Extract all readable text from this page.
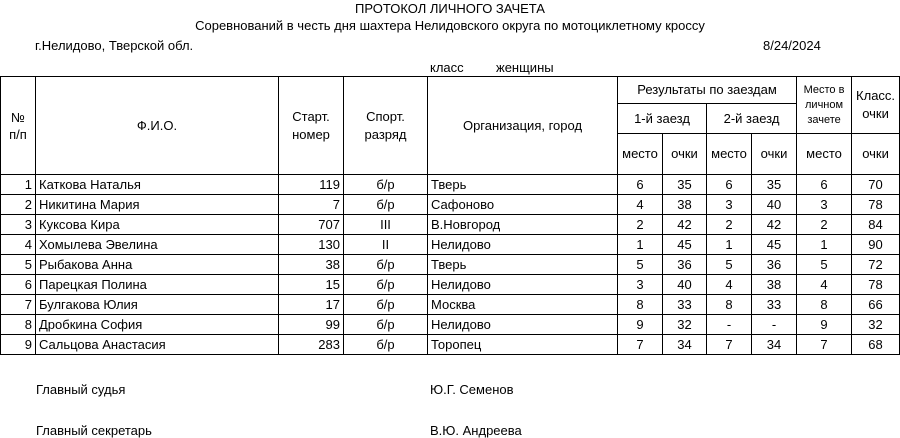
ПРОТОКОЛ ЛИЧНОГО ЗАЧЕТА
Соревнований в честь дня шахтера Нелидовского округа по мотоциклетному кроссу
г.Нелидово, Тверской обл.	8/24/2024
класс женщины
№ п/п	Ф.И.О.	Старт. номер	Спорт. разряд	Организация, город	Результаты по заездам				Место в личном зачете	Класс. очки
					1-й заезд		2-й заезд			
					место	очки	место	очки	место	очки
1	Каткова Наталья	119	б/р	Тверь	6	35	6	35	6	70
2	Никитина Мария	7	б/р	Сафоново	4	38	3	40	3	78
3	Куксова Кира	707	III	В.Новгород	2	42	2	42	2	84
4	Хомылева Эвелина	130	II	Нелидово	1	45	1	45	1	90
5	Рыбакова Анна	38	б/р	Тверь	5	36	5	36	5	72
6	Парецкая Полина	15	б/р	Нелидово	3	40	4	38	4	78
7	Булгакова Юлия	17	б/р	Москва	8	33	8	33	8	66
8	Дробкина София	99	б/р	Нелидово	9	32	-	-	9	32
9	Сальцова Анастасия	283	б/р	Торопец	7	34	7	34	7	68
Главный судья	Ю.Г. Семенов
Главный секретарь	В.Ю. Андреева
